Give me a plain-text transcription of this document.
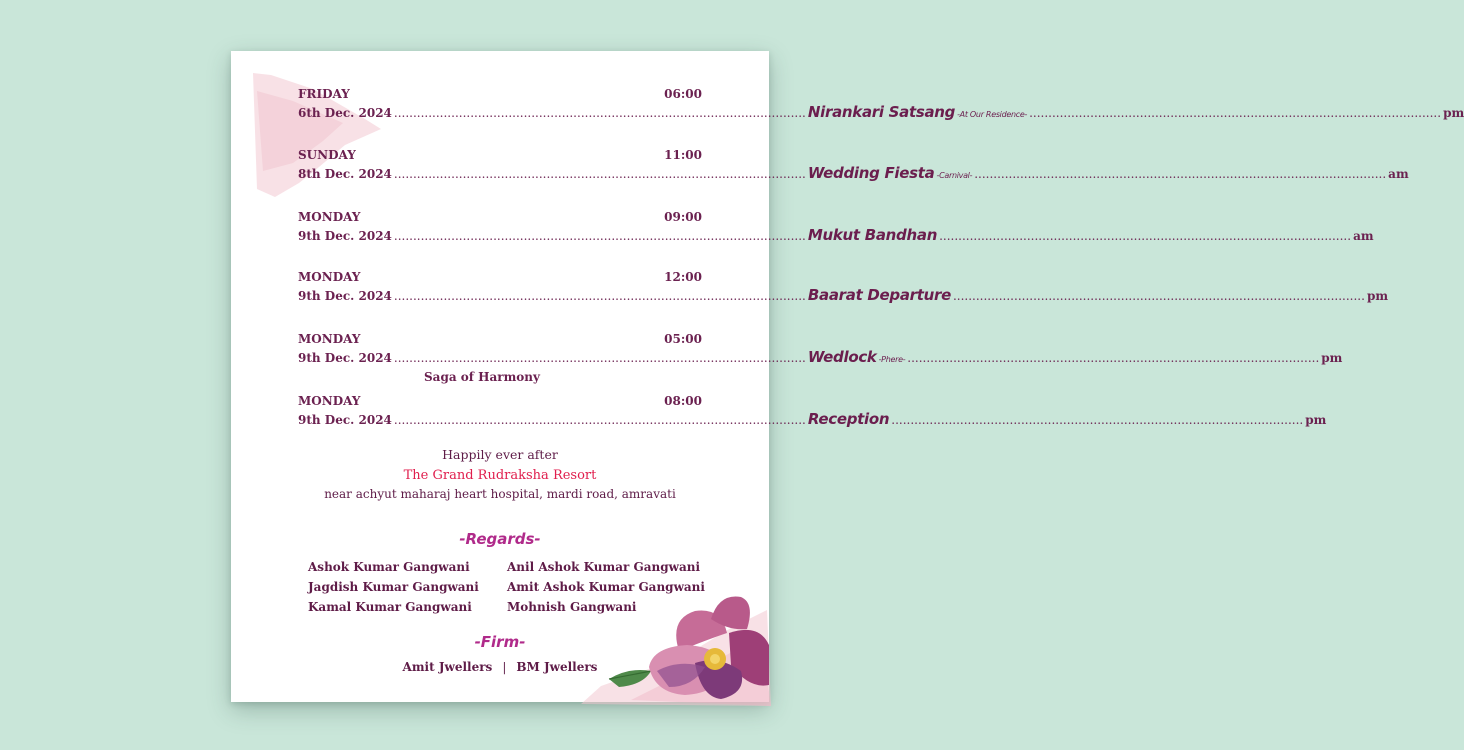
FRIDAY	06:00
6th Dec. 2024 ............................................................................................................ Nirankari Satsang -At Our Residence- ............................................................................................................ pm
SUNDAY	11:00
8th Dec. 2024 ............................................................................................................ Wedding Fiesta -Carnival- ............................................................................................................ am
MONDAY	09:00
9th Dec. 2024 ............................................................................................................ Mukut Bandhan ............................................................................................................ am
MONDAY	12:00
9th Dec. 2024 ............................................................................................................ Baarat Departure ............................................................................................................ pm
MONDAY	05:00
9th Dec. 2024 ............................................................................................................ Wedlock -Phere- ............................................................................................................ pm
Saga of Harmony
MONDAY	08:00
9th Dec. 2024 ............................................................................................................ Reception ............................................................................................................ pm
Happily ever after
The Grand Rudraksha Resort
near achyut maharaj heart hospital, mardi road, amravati
-Regards-
Ashok Kumar Gangwani
Jagdish Kumar Gangwani
Kamal Kumar Gangwani
Anil Ashok Kumar Gangwani
Amit Ashok Kumar Gangwani
Mohnish Gangwani
-Firm-
Amit Jwellers | BM Jwellers
